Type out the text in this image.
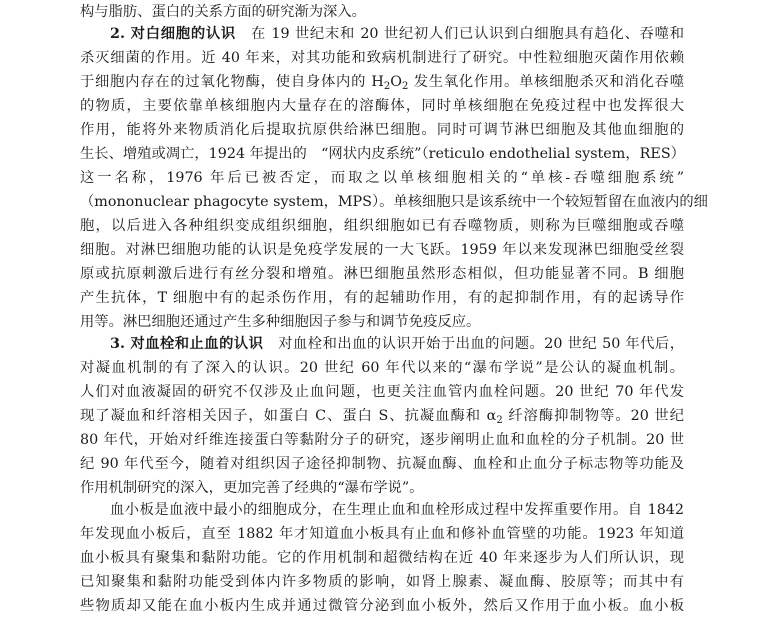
构与脂肪、蛋白的关系方面的研究渐为深入。
2. 对白细胞的认识　在 19 世纪末和 20 世纪初人们已认识到白细胞具有趋化、吞噬和
杀灭细菌的作用。近 40 年来，对其功能和致病机制进行了研究。中性粒细胞灭菌作用依赖
于细胞内存在的过氧化物酶，使自身体内的 $H_2O_2$ 发生氧化作用。单核细胞杀灭和消化吞噬
的物质，主要依靠单核细胞内大量存在的溶酶体，同时单核细胞在免疫过程中也发挥很大
作用，能将外来物质消化后提取抗原供给淋巴细胞。同时可调节淋巴细胞及其他血细胞的
生长、增殖或凋亡，1924 年提出的　“网状内皮系统”（reticulo endothelial system，RES）
这一名称，1976 年后已被否定，而取之以单核细胞相关的“单核-吞噬细胞系统”
（mononuclear phagocyte system，MPS）。单核细胞只是该系统中一个较短暂留在血液内的细
胞，以后进入各种组织变成组织细胞，组织细胞如已有吞噬物质，则称为巨噬细胞或吞噬
细胞。对淋巴细胞功能的认识是免疫学发展的一大飞跃。1959 年以来发现淋巴细胞受丝裂
原或抗原刺激后进行有丝分裂和增殖。淋巴细胞虽然形态相似，但功能显著不同。B 细胞
产生抗体，T 细胞中有的起杀伤作用，有的起辅助作用，有的起抑制作用，有的起诱导作
用等。淋巴细胞还通过产生多种细胞因子参与和调节免疫反应。
3. 对血栓和止血的认识　对血栓和出血的认识开始于出血的问题。20 世纪 50 年代后，
对凝血机制的有了深入的认识。20 世纪 60 年代以来的“瀑布学说”是公认的凝血机制。
人们对血液凝固的研究不仅涉及止血问题，也更关注血管内血栓问题。20 世纪 70 年代发
现了凝血和纤溶相关因子，如蛋白 C、蛋白 S、抗凝血酶和 $\alpha_2$ 纤溶酶抑制物等。20 世纪
80 年代，开始对纤维连接蛋白等黏附分子的研究，逐步阐明止血和血栓的分子机制。20 世
纪 90 年代至今，随着对组织因子途径抑制物、抗凝血酶、血栓和止血分子标志物等功能及
作用机制研究的深入，更加完善了经典的“瀑布学说”。
血小板是血液中最小的细胞成分，在生理止血和血栓形成过程中发挥重要作用。自 1842
年发现血小板后，直至 1882 年才知道血小板具有止血和修补血管壁的功能。1923 年知道
血小板具有聚集和黏附功能。它的作用机制和超微结构在近 40 年来逐步为人们所认识，现
已知聚集和黏附功能受到体内许多物质的影响，如肾上腺素、凝血酶、胶原等；而其中有
些物质却又能在血小板内生成并通过微管分泌到血小板外，然后又作用于血小板。血小板
